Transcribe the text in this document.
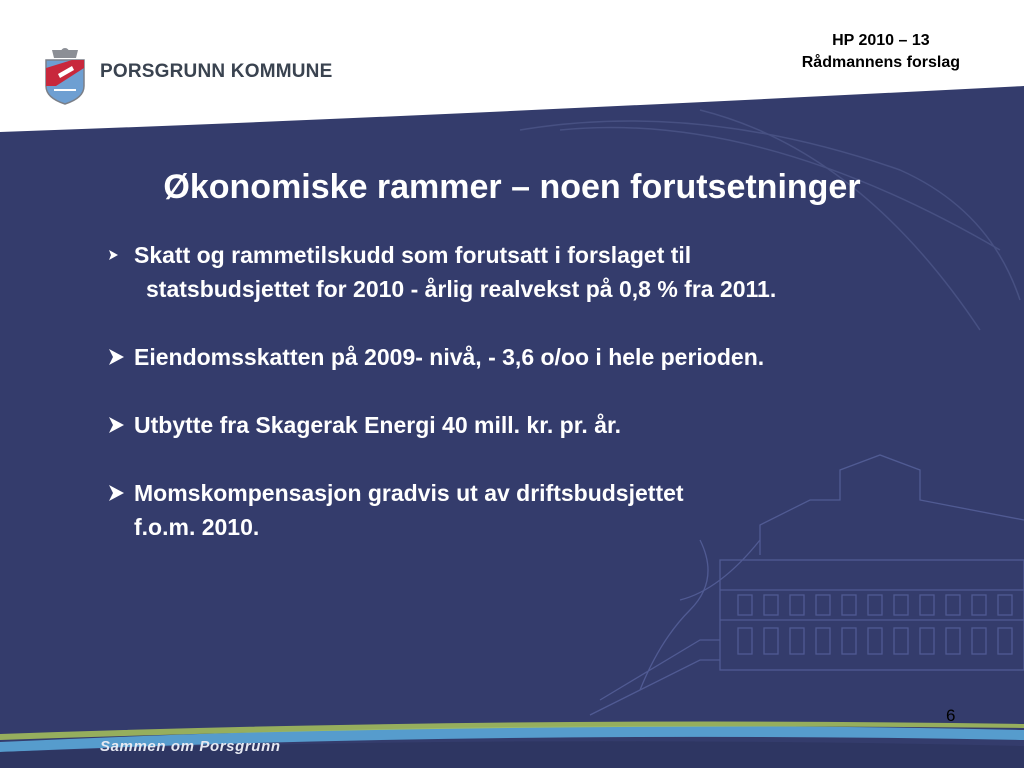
PORSGRUNN KOMMUNE
HP 2010 – 13
Rådmannens forslag
Økonomiske rammer – noen forutsetninger
Skatt og rammetilskudd som forutsatt i forslaget til
statsbudsjettet for 2010 - årlig realvekst på 0,8 % fra 2011.
Eiendomsskatten på 2009- nivå, - 3,6 o/oo i hele perioden.
Utbytte fra Skagerak Energi 40 mill. kr. pr. år.
Momskompensasjon gradvis ut av driftsbudsjettet
f.o.m. 2010.
6
Sammen om Porsgrunn
